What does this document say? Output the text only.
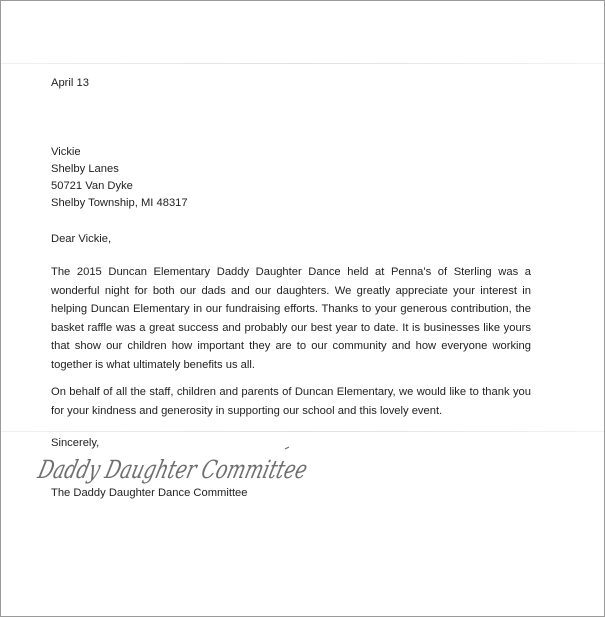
April 13
Vickie
Shelby Lanes
50721 Van Dyke
Shelby Township, MI 48317
Dear Vickie,
The 2015 Duncan Elementary Daddy Daughter Dance held at Penna’s of Sterling was a wonderful night for both our dads and our daughters. We greatly appreciate your interest in helping Duncan Elementary in our fundraising efforts. Thanks to your generous contribution, the basket raffle was a great success and probably our best year to date. It is businesses like yours that show our children how important they are to our community and how everyone working together is what ultimately benefits us all.
On behalf of all the staff, children and parents of Duncan Elementary, we would like to thank you for your kindness and generosity in supporting our school and this lovely event.
Sincerely,
Daddy Daughter Committee
The Daddy Daughter Dance Committee
